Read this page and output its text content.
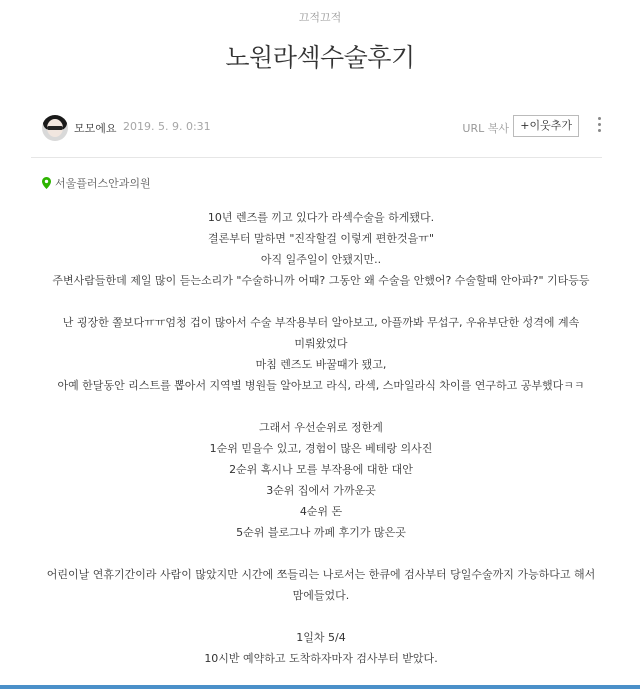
끄적끄적
노원라섹수술후기
모모에요 2019. 5. 9. 0:31	URL 복사	+이웃추가
서울플러스안과의원

10년 렌즈를 끼고 있다가 라섹수술을 하게됐다.

결론부터 말하면 "진작할걸 이렇게 편한것을ㅠ"

아직 일주일이 안됐지만..

주변사람들한데 제일 많이 듣는소리가 "수술하니까 어때? 그동안 왜 수술을 안했어? 수술할때 안아파?" 기타등등

난 굉장한 쫄보다ㅠㅠ엄청 겁이 많아서 수술 부작용부터 알아보고, 아플까봐 무섭구, 우유부단한 성격에 계속 미뤄왔었다

마침 렌즈도 바꿀때가 됐고,

아예 한달동안 리스트를 뽑아서 지역별 병원들 알아보고 라식, 라섹, 스마일라식 차이를 연구하고 공부했다ㅋㅋ

그래서 우선순위로 정한게

1순위 믿을수 있고, 경험이 많은 베테랑 의사진

2순위 혹시나 모를 부작용에 대한 대안

3순위 집에서 가까운곳

4순위 돈

5순위 블로그나 까페 후기가 많은곳

어린이날 연휴기간이라 사람이 많았지만 시간에 쪼들리는 나로서는 한큐에 검사부터 당일수술까지 가능하다고 해서 맘에들었다.

1일차 5/4

10시반 예약하고 도착하자마자 검사부터 받았다.
